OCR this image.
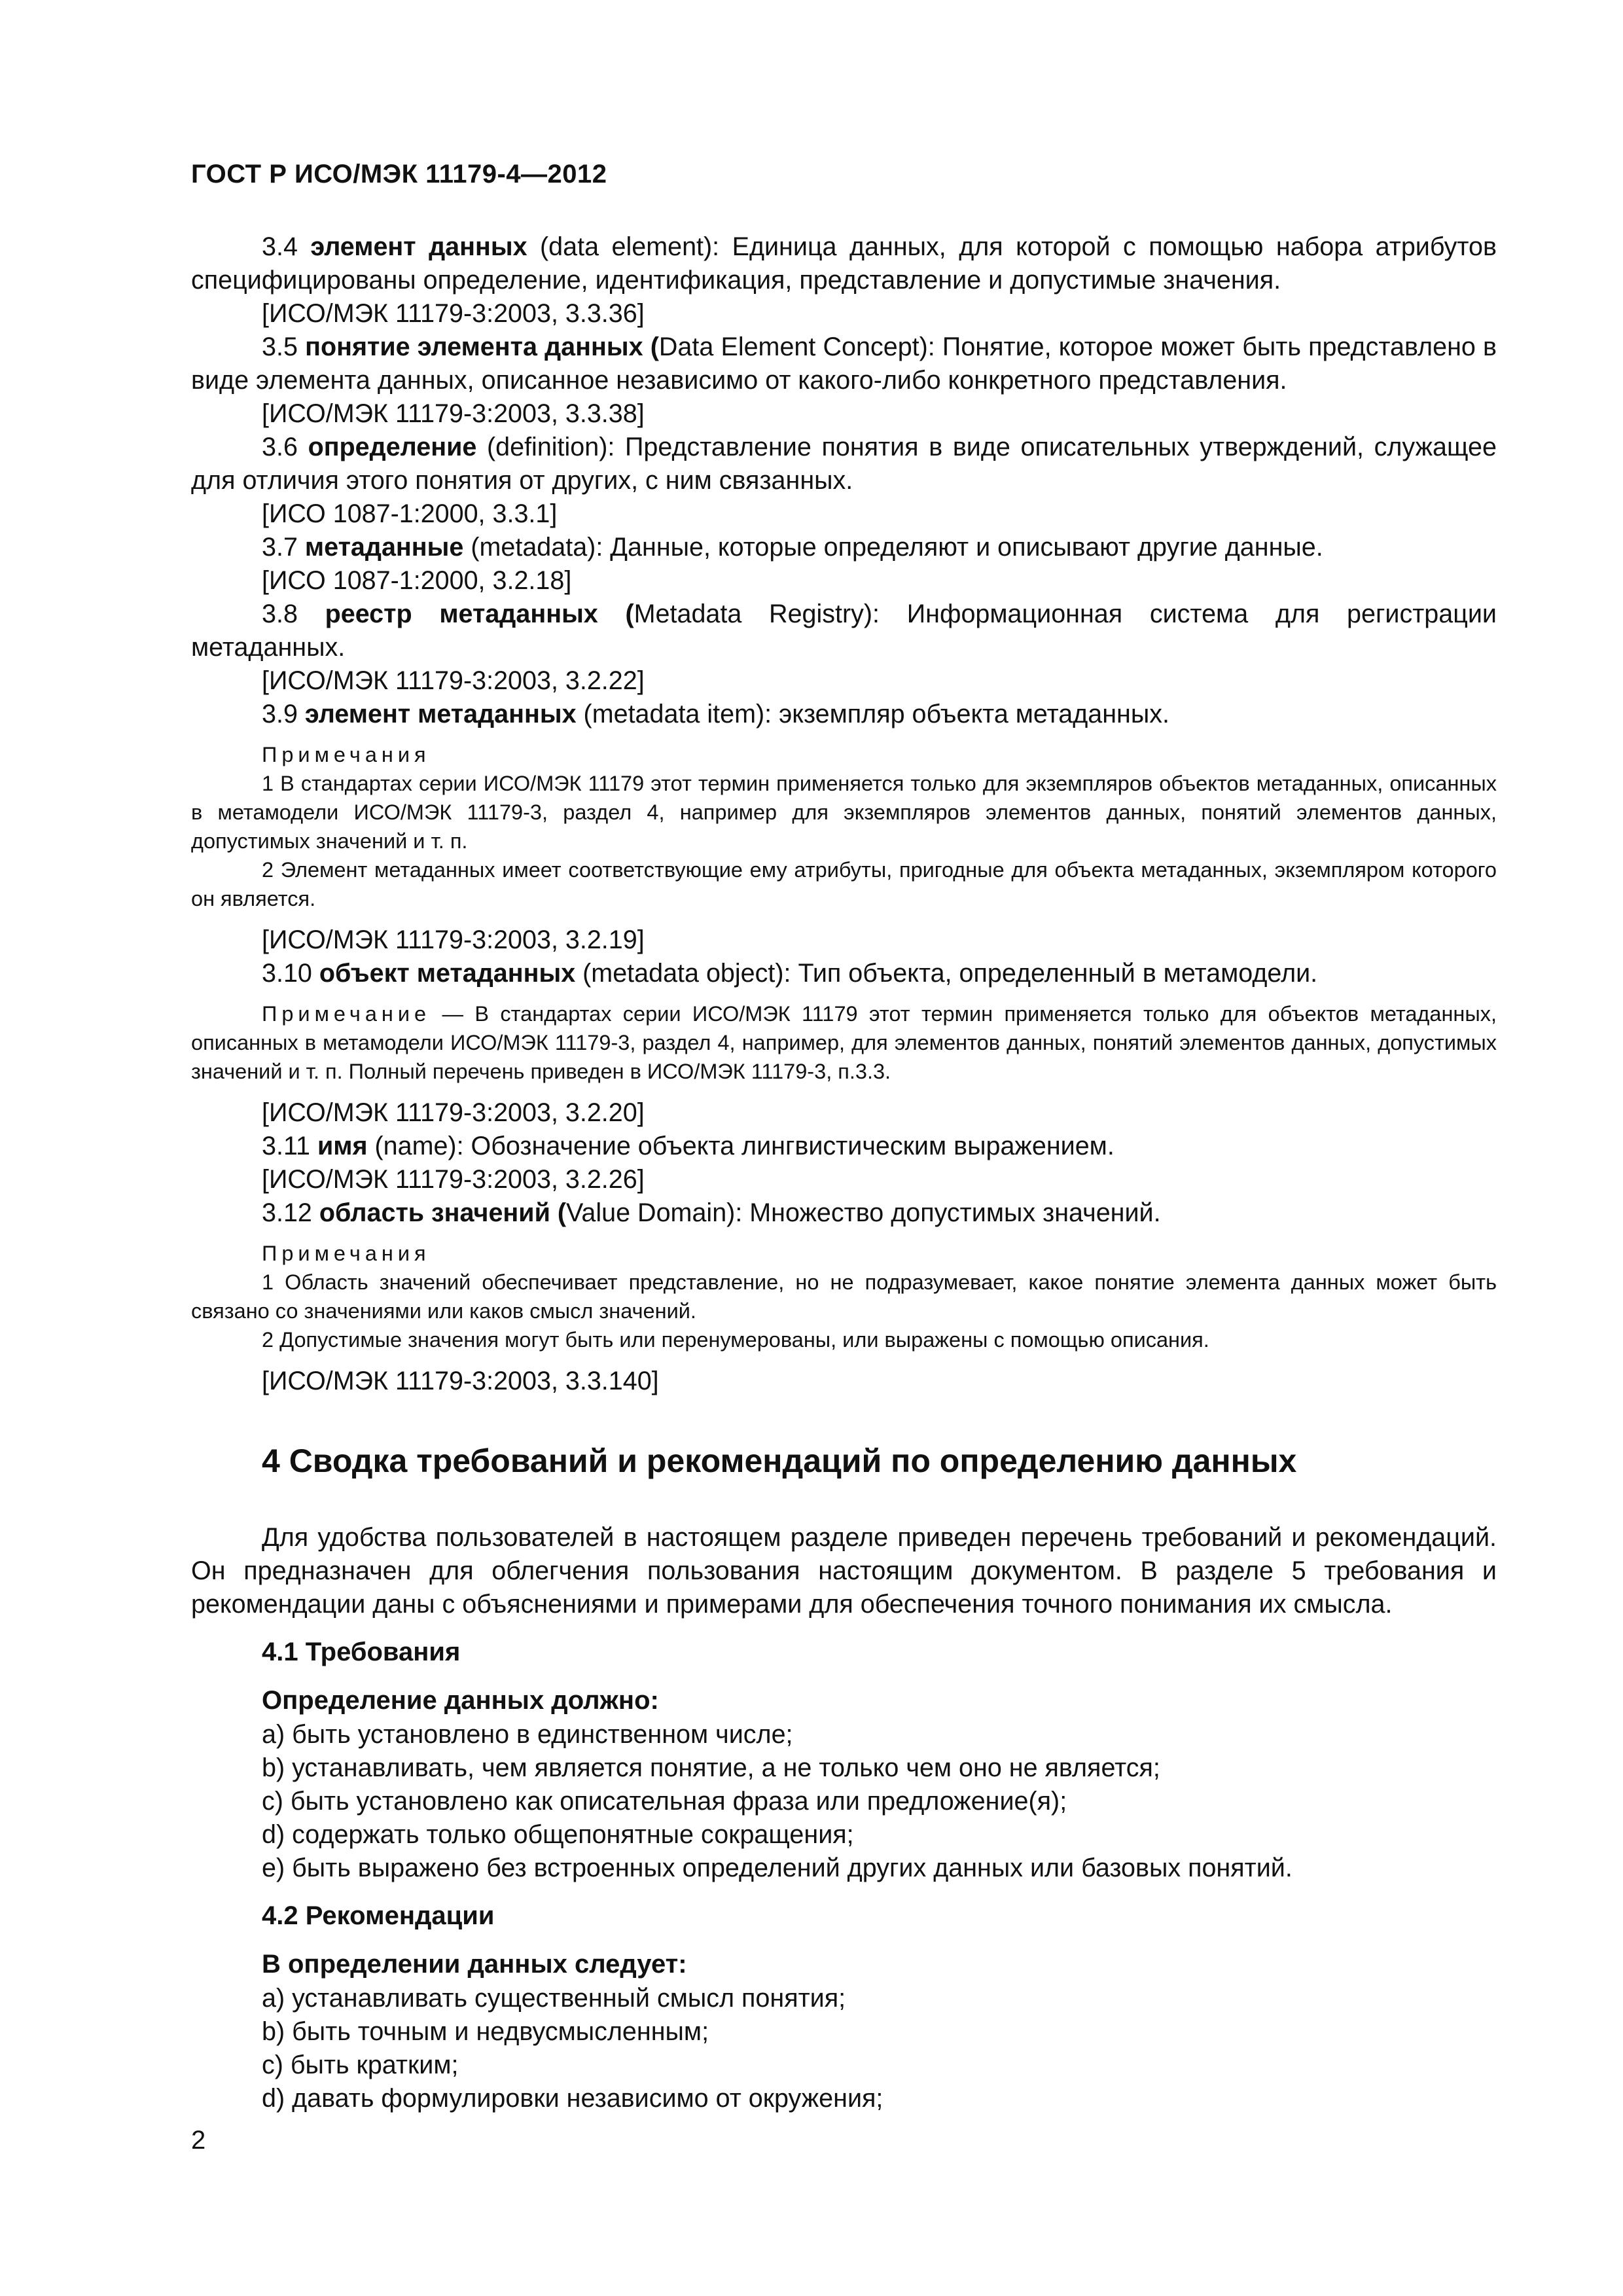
ГОСТ Р ИСО/МЭК 11179-4—2012

3.4 элемент данных (data element): Единица данных, для которой с помощью набора атрибутов специфицированы определение, идентификация, представление и допустимые значения.

[ИСО/МЭК 11179-3:2003, 3.3.36]

3.5 понятие элемента данных (Data Element Concept): Понятие, которое может быть представлено в виде элемента данных, описанное независимо от какого-либо конкретного представления.

[ИСО/МЭК 11179-3:2003, 3.3.38]

3.6 определение (definition): Представление понятия в виде описательных утверждений, служащее для отличия этого понятия от других, с ним связанных.

[ИСО 1087-1:2000, 3.3.1]

3.7 метаданные (metadata): Данные, которые определяют и описывают другие данные.

[ИСО 1087-1:2000, 3.2.18]

3.8 реестр метаданных (Metadata Registry): Информационная система для регистрации метаданных.

[ИСО/МЭК 11179-3:2003, 3.2.22]

3.9 элемент метаданных (metadata item): экземпляр объекта метаданных.

Примечания

1 В стандартах серии ИСО/МЭК 11179 этот термин применяется только для экземпляров объектов метаданных, описанных в метамодели ИСО/МЭК 11179-3, раздел 4, например для экземпляров элементов данных, понятий элементов данных, допустимых значений и т. п.

2 Элемент метаданных имеет соответствующие ему атрибуты, пригодные для объекта метаданных, экземпляром которого он является.

[ИСО/МЭК 11179-3:2003, 3.2.19]

3.10 объект метаданных (metadata object): Тип объекта, определенный в метамодели.

Примечание — В стандартах серии ИСО/МЭК 11179 этот термин применяется только для объектов метаданных, описанных в метамодели ИСО/МЭК 11179-3, раздел 4, например, для элементов данных, понятий элементов данных, допустимых значений и т. п. Полный перечень приведен в ИСО/МЭК 11179-3, п.3.3.

[ИСО/МЭК 11179-3:2003, 3.2.20]

3.11 имя (name): Обозначение объекта лингвистическим выражением.

[ИСО/МЭК 11179-3:2003, 3.2.26]

3.12 область значений (Value Domain): Множество допустимых значений.

Примечания

1 Область значений обеспечивает представление, но не подразумевает, какое понятие элемента данных может быть связано со значениями или каков смысл значений.

2 Допустимые значения могут быть или перенумерованы, или выражены с помощью описания.

[ИСО/МЭК 11179-3:2003, 3.3.140]

4 Сводка требований и рекомендаций по определению данных

Для удобства пользователей в настоящем разделе приведен перечень требований и рекомендаций. Он предназначен для облегчения пользования настоящим документом. В разделе 5 требования и рекомендации даны с объяснениями и примерами для обеспечения точного понимания их смысла.

4.1 Требования
Определение данных должно:

а) быть установлено в единственном числе;

b) устанавливать, чем является понятие, а не только чем оно не является;

с) быть установлено как описательная фраза или предложение(я);

d) содержать только общепонятные сокращения;

е) быть выражено без встроенных определений других данных или базовых понятий.

4.2 Рекомендации
В определении данных следует:

а) устанавливать существенный смысл понятия;

b) быть точным и недвусмысленным;

с) быть кратким;

d) давать формулировки независимо от окружения;

2
